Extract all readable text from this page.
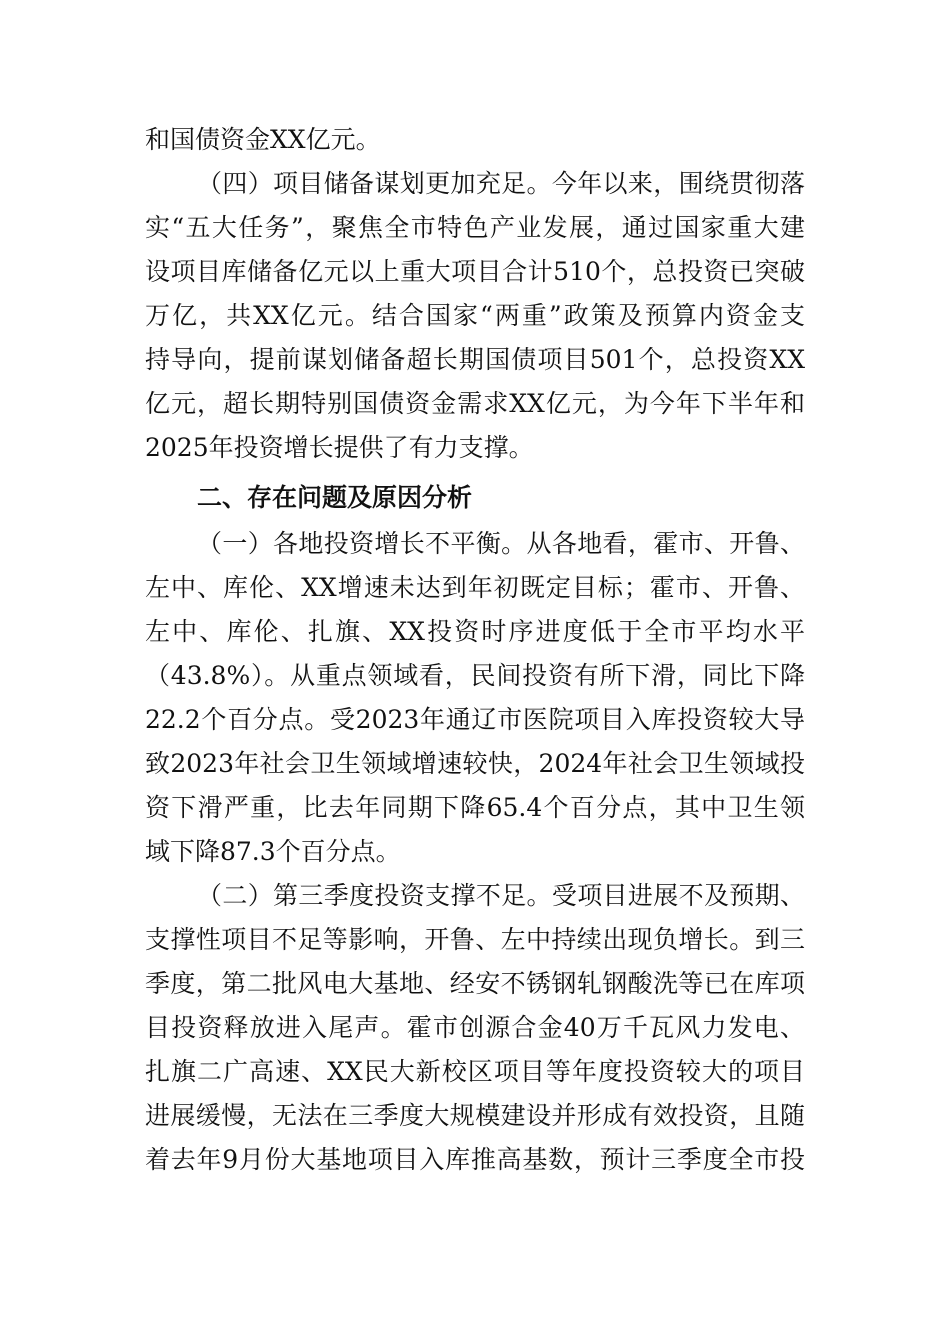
和国债资金XX亿元。
（四）项目储备谋划更加充足。今年以来，围绕贯彻落
实“五大任务”，聚焦全市特色产业发展，通过国家重大建
设项目库储备亿元以上重大项目合计510个，总投资已突破
万亿，共XX亿元。结合国家“两重”政策及预算内资金支
持导向，提前谋划储备超长期国债项目501个，总投资XX
亿元，超长期特别国债资金需求XX亿元，为今年下半年和
2025年投资增长提供了有力支撑。
二、存在问题及原因分析
（一）各地投资增长不平衡。从各地看，霍市、开鲁、
左中、库伦、XX增速未达到年初既定目标；霍市、开鲁、
左中、库伦、扎旗、XX投资时序进度低于全市平均水平
（43.8%）。从重点领域看，民间投资有所下滑，同比下降
22.2个百分点。受2023年通辽市医院项目入库投资较大导
致2023年社会卫生领域增速较快，2024年社会卫生领域投
资下滑严重，比去年同期下降65.4个百分点，其中卫生领
域下降87.3个百分点。
（二）第三季度投资支撑不足。受项目进展不及预期、
支撑性项目不足等影响，开鲁、左中持续出现负增长。到三
季度，第二批风电大基地、经安不锈钢轧钢酸洗等已在库项
目投资释放进入尾声。霍市创源合金40万千瓦风力发电、
扎旗二广高速、XX民大新校区项目等年度投资较大的项目
进展缓慢，无法在三季度大规模建设并形成有效投资，且随
着去年9月份大基地项目入库推高基数，预计三季度全市投
